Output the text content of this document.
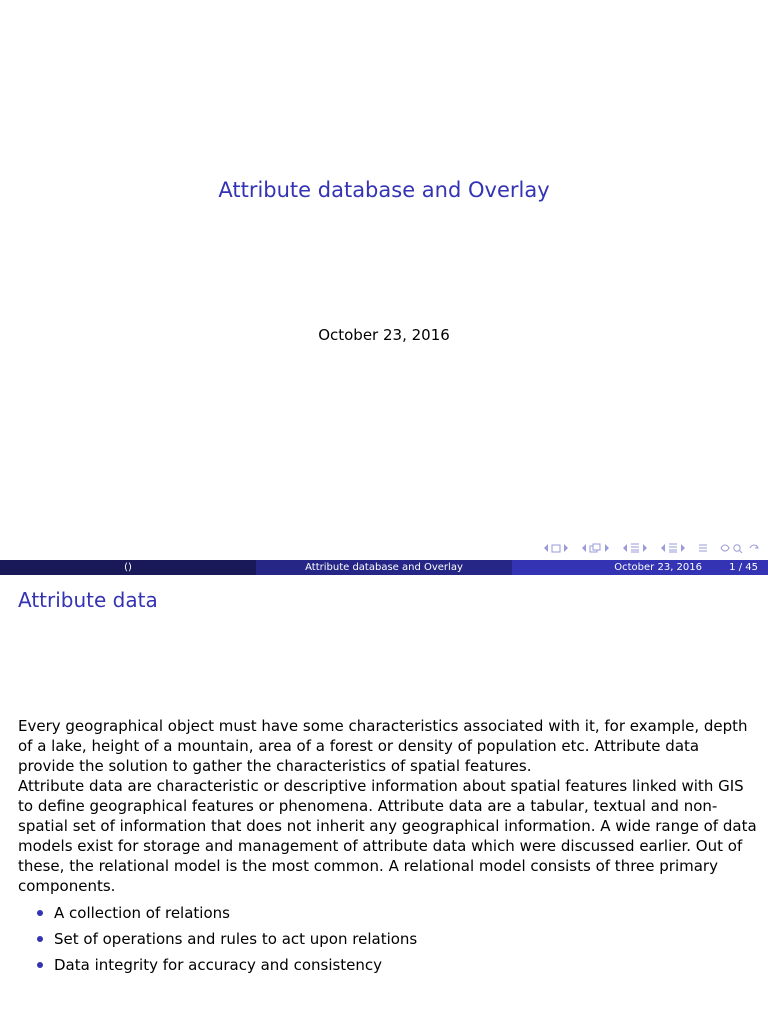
Attribute database and Overlay
October 23, 2016
()	Attribute database and Overlay	October 23, 2016	1 / 45
Attribute data

Every geographical object must have some characteristics associated with it, for example, depth of a lake, height of a mountain, area of a forest or density of population etc. Attribute data provide the solution to gather the characteristics of spatial features.

Attribute data are characteristic or descriptive information about spatial features linked with GIS to define geographical features or phenomena. Attribute data are a tabular, textual and non-spatial set of information that does not inherit any geographical information. A wide range of data models exist for storage and management of attribute data which were discussed earlier. Out of these, the relational model is the most common. A relational model consists of three primary components.

A collection of relations
Set of operations and rules to act upon relations
Data integrity for accuracy and consistency
